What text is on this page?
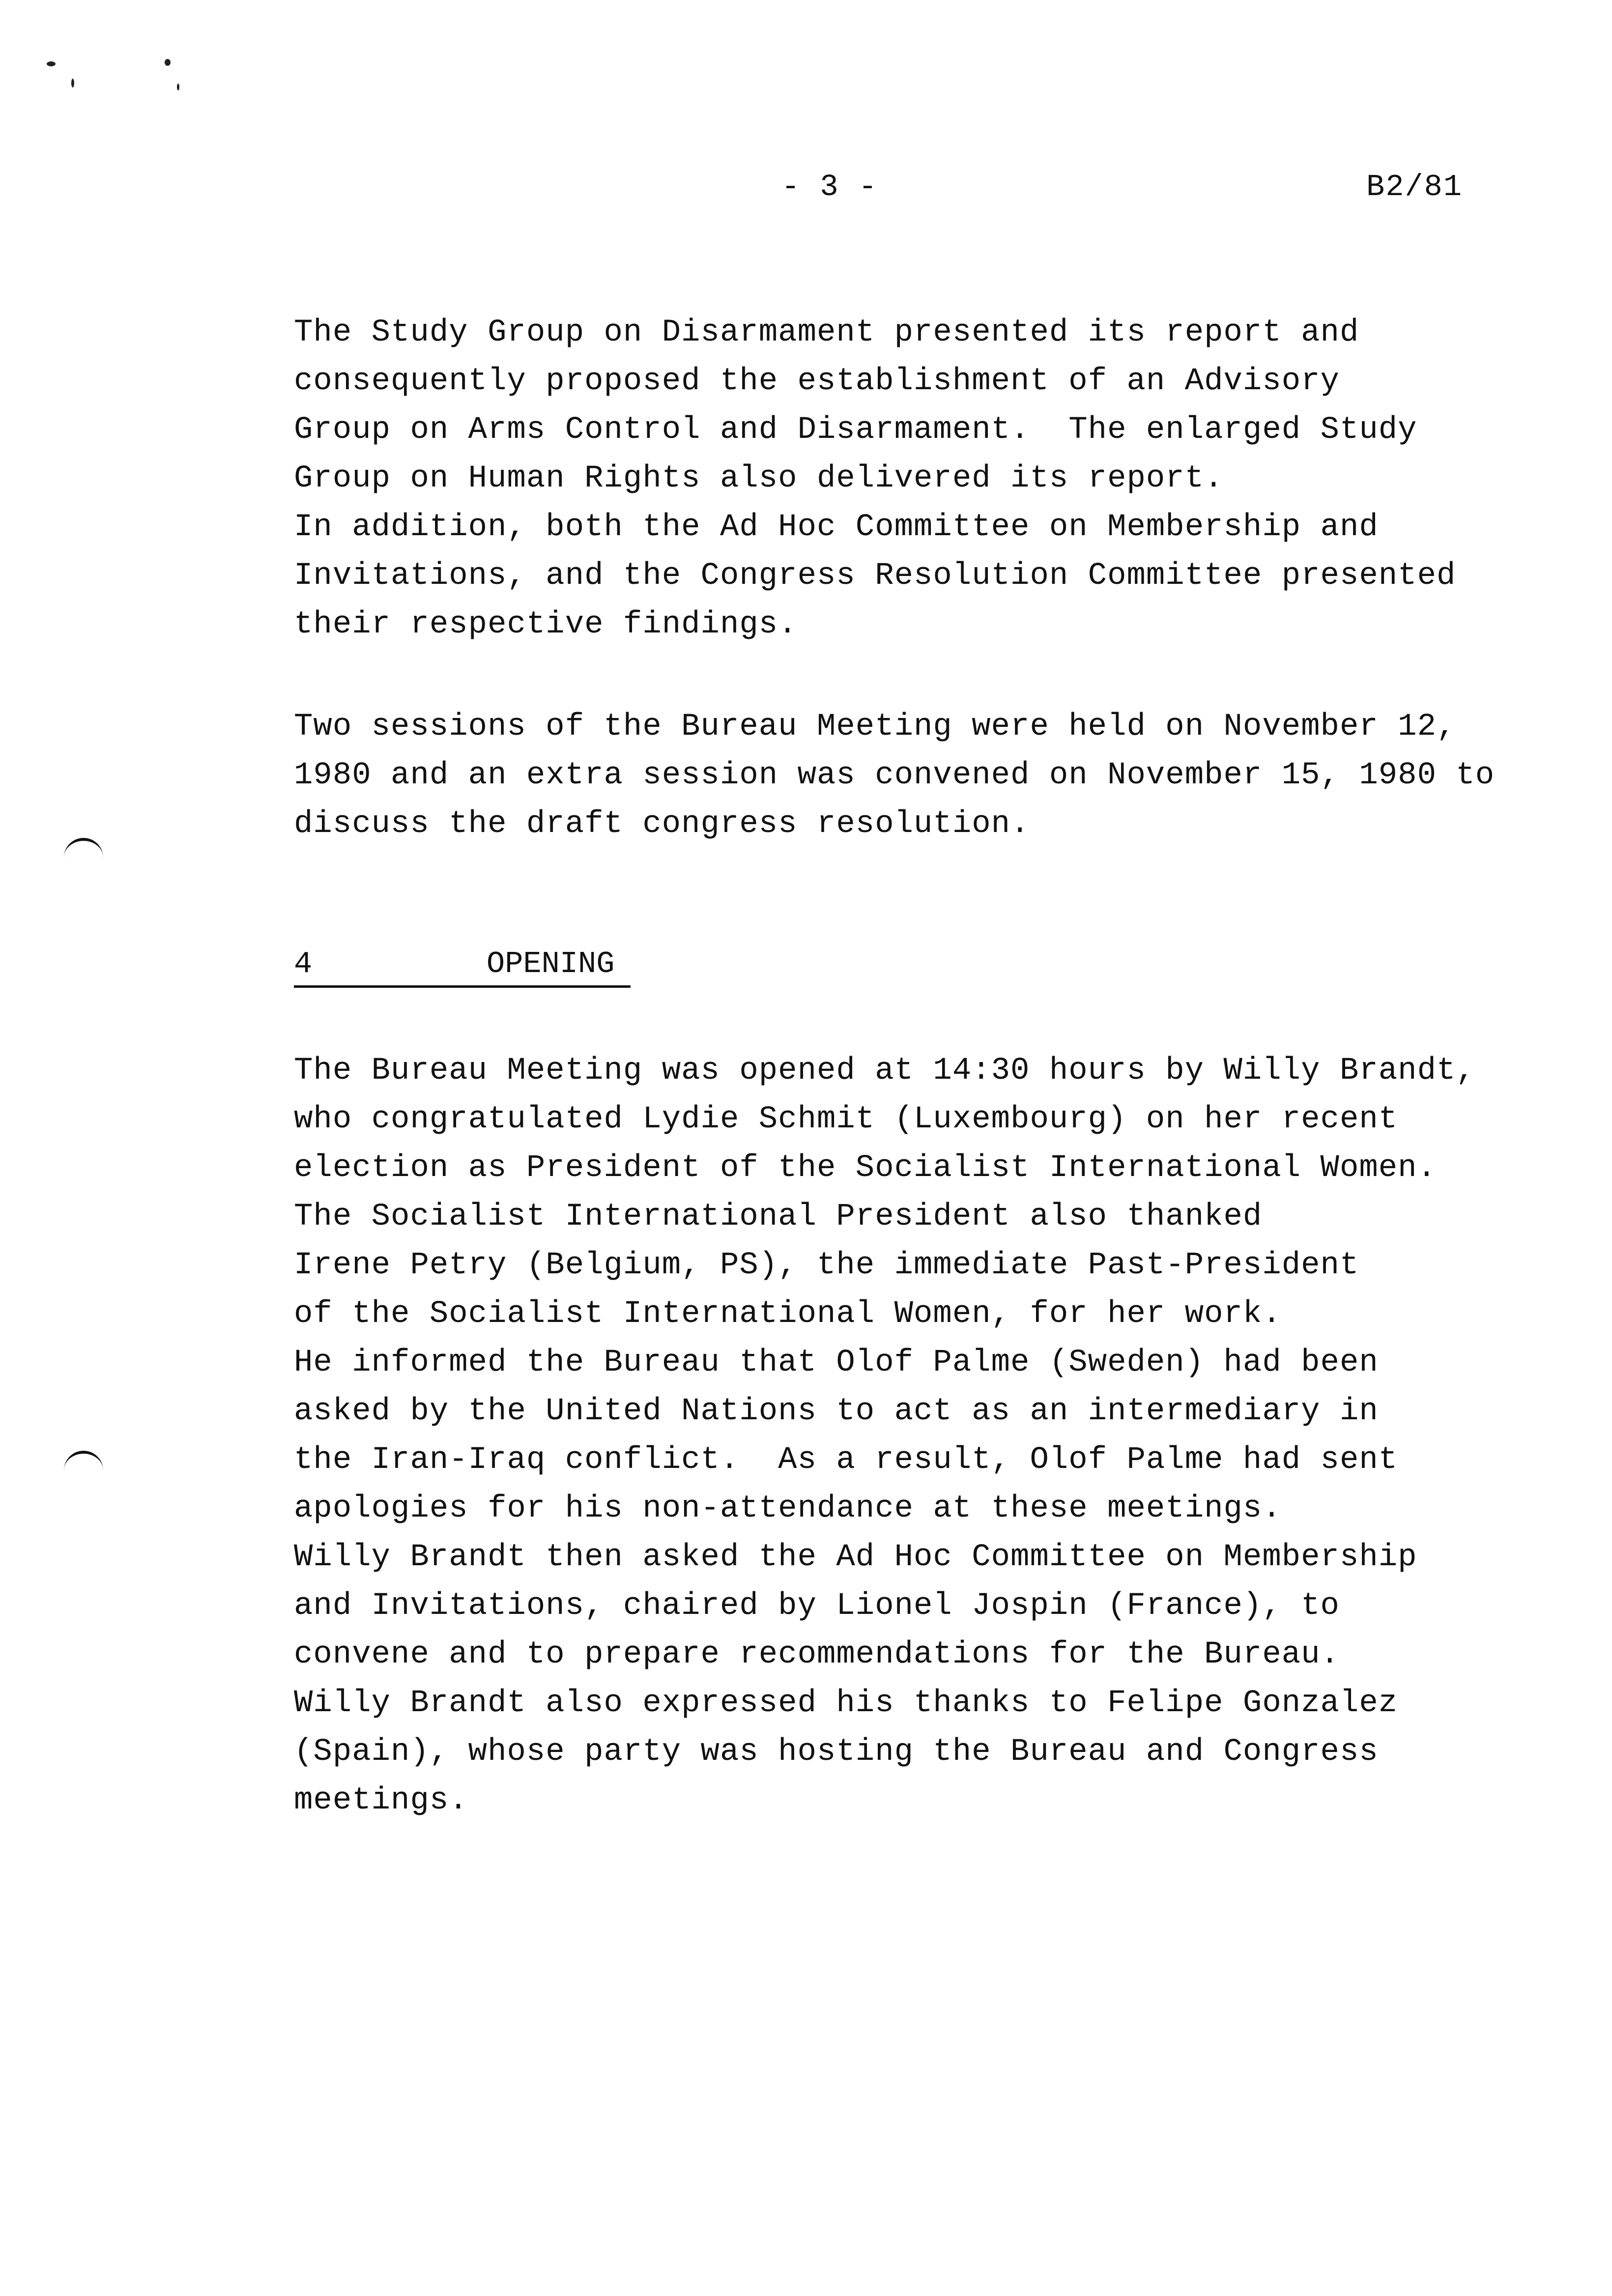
- 3 -	B2/81

The Study Group on Disarmament presented its report and
consequently proposed the establishment of an Advisory
Group on Arms Control and Disarmament.  The enlarged Study
Group on Human Rights also delivered its report.
In addition, both the Ad Hoc Committee on Membership and
Invitations, and the Congress Resolution Committee presented
their respective findings.

Two sessions of the Bureau Meeting were held on November 12,
1980 and an extra session was convened on November 15, 1980 to
discuss the draft congress resolution.

4	OPENING

The Bureau Meeting was opened at 14:30 hours by Willy Brandt,
who congratulated Lydie Schmit (Luxembourg) on her recent
election as President of the Socialist International Women.
The Socialist International President also thanked
Irene Petry (Belgium, PS), the immediate Past-President
of the Socialist International Women, for her work.
He informed the Bureau that Olof Palme (Sweden) had been
asked by the United Nations to act as an intermediary in
the Iran-Iraq conflict.  As a result, Olof Palme had sent
apologies for his non-attendance at these meetings.
Willy Brandt then asked the Ad Hoc Committee on Membership
and Invitations, chaired by Lionel Jospin (France), to
convene and to prepare recommendations for the Bureau.
Willy Brandt also expressed his thanks to Felipe Gonzalez
(Spain), whose party was hosting the Bureau and Congress
meetings.
